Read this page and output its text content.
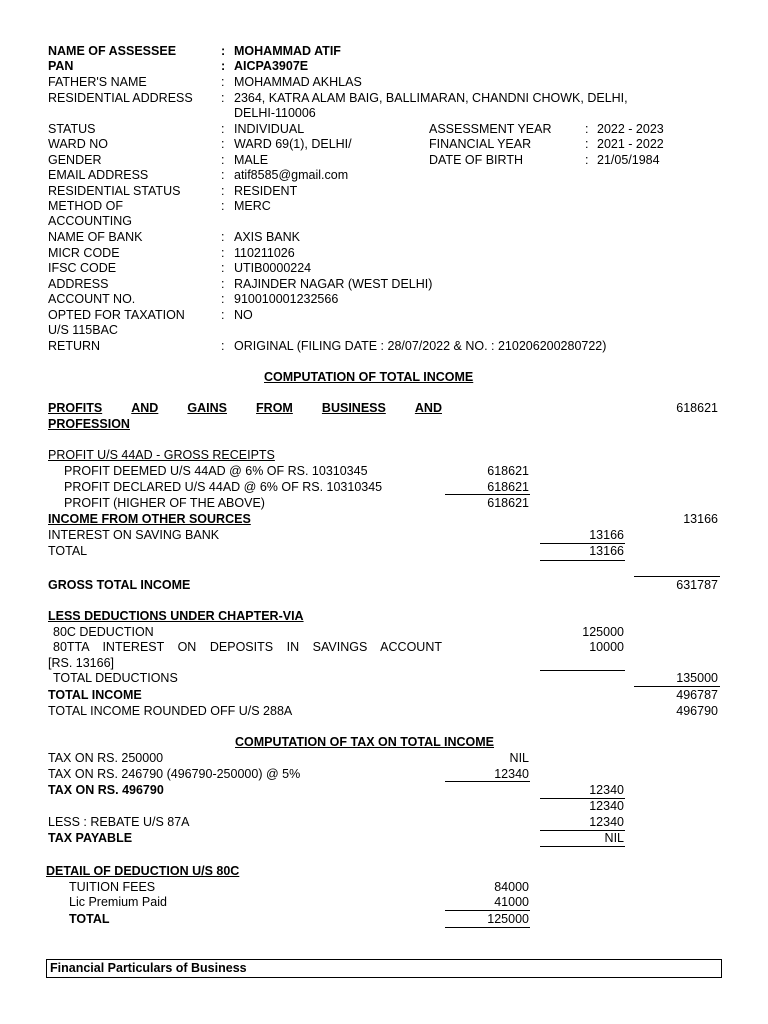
NAME OF ASSESSEE	: MOHAMMAD ATIF
PAN	: AICPA3907E
FATHER'S NAME	: MOHAMMAD AKHLAS
RESIDENTIAL ADDRESS : 2364, KATRA ALAM BAIG, BALLIMARAN, CHANDNI CHOWK, DELHI,
DELHI-110006
STATUS	: INDIVIDUAL	ASSESSMENT YEAR	: 2022 - 2023
WARD NO	: WARD 69(1), DELHI/	FINANCIAL YEAR	: 2021 - 2022
GENDER	: MALE	DATE OF BIRTH	: 21/05/1984
EMAIL ADDRESS	: atif8585@gmail.com
RESIDENTIAL STATUS	: RESIDENT
METHOD OF
ACCOUNTING
: MERC
NAME OF BANK	: AXIS BANK
MICR CODE	: 110211026
IFSC CODE	: UTIB0000224
ADDRESS	: RAJINDER NAGAR (WEST DELHI)
ACCOUNT NO.	: 910010001232566
OPTED FOR TAXATION
U/S 115BAC
: NO
RETURN	: ORIGINAL (FILING DATE : 28/07/2022 & NO. : 210206200280722)
COMPUTATION OF TOTAL INCOME
PROFITS AND GAINS FROM BUSINESS AND
PROFESSION
618621
PROFIT U/S 44AD - GROSS RECEIPTS
PROFIT DEEMED U/S 44AD @ 6% OF RS. 10310345	618621
PROFIT DECLARED U/S 44AD @ 6% OF RS. 10310345	618621
PROFIT (HIGHER OF THE ABOVE)	618621
INCOME FROM OTHER SOURCES	13166
INTEREST ON SAVING BANK	13166
TOTAL	13166
GROSS TOTAL INCOME	631787
LESS DEDUCTIONS UNDER CHAPTER-VIA
80C DEDUCTION	125000
80TTA INTEREST ON DEPOSITS IN SAVINGS ACCOUNT	10000
[RS. 13166]
TOTAL DEDUCTIONS	135000
TOTAL INCOME	496787
TOTAL INCOME ROUNDED OFF U/S 288A	496790
COMPUTATION OF TAX ON TOTAL INCOME
TAX ON RS. 250000	NIL
TAX ON RS. 246790 (496790-250000) @ 5%	12340
TAX ON RS. 496790	12340
12340
LESS : REBATE U/S 87A	12340
TAX PAYABLE	NIL
DETAIL OF DEDUCTION U/S 80C
TUITION FEES	84000
Lic Premium Paid	41000
TOTAL	125000
Financial Particulars of Business
